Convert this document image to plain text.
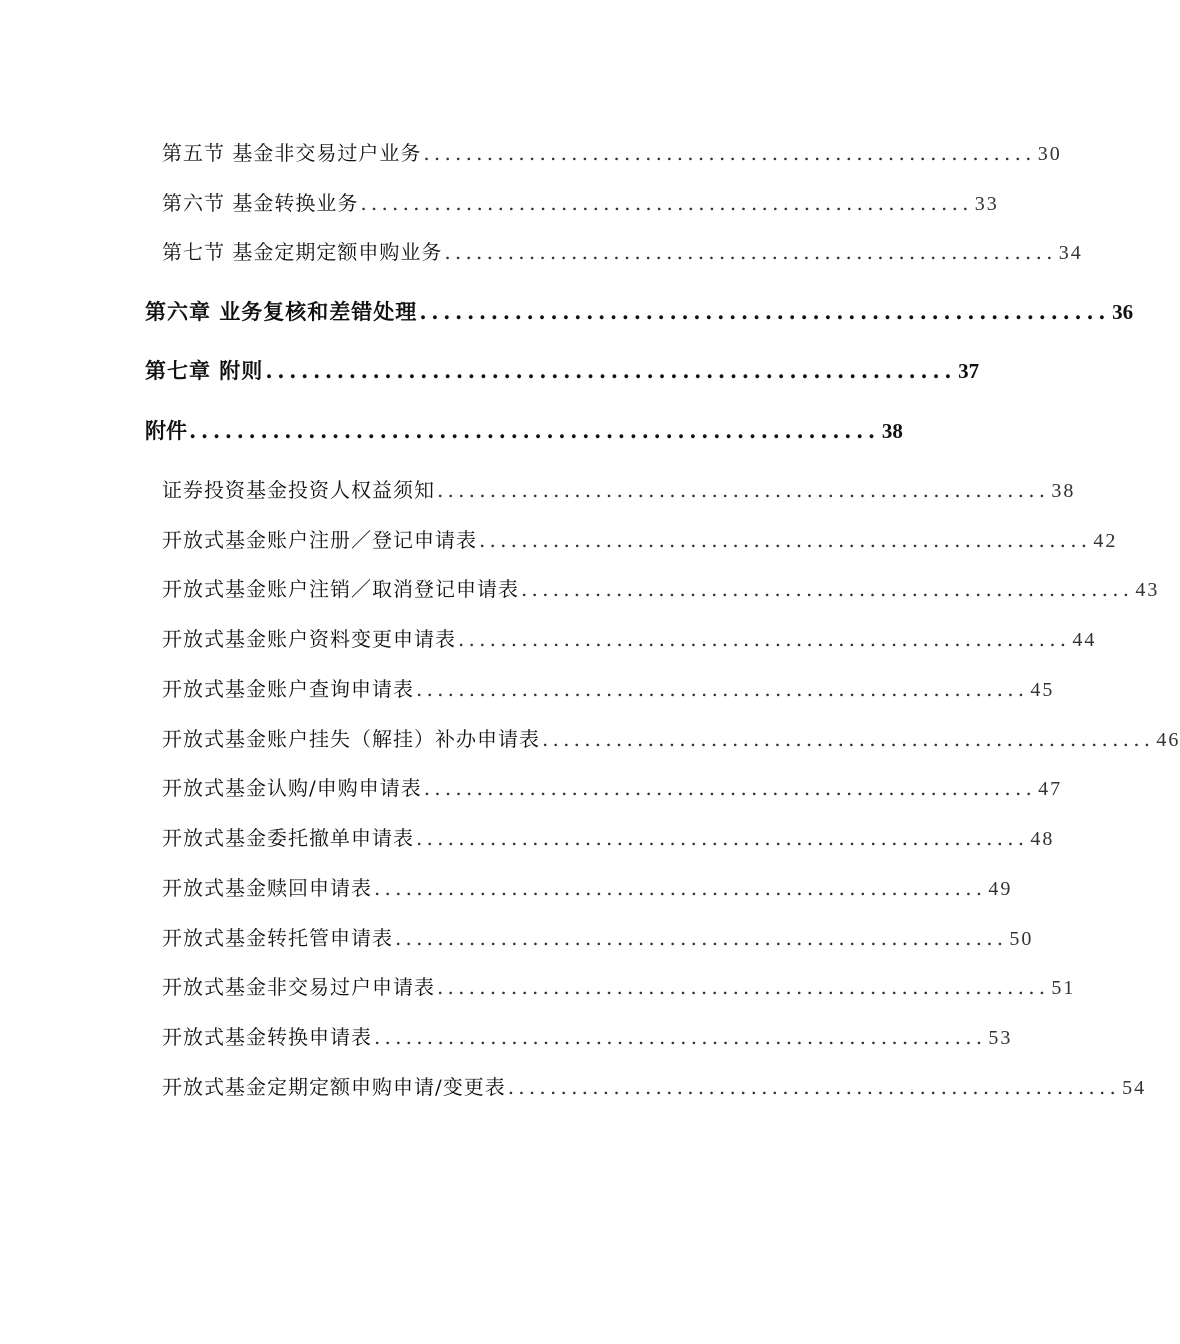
第五节 基金非交易过户业务 .......................................................... 30
第六节 基金转换业务 .......................................................... 33
第七节 基金定期定额申购业务 .......................................................... 34
第六章 业务复核和差错处理 .......................................................... 36
第七章 附则 .......................................................... 37
附件 .......................................................... 38
证券投资基金投资人权益须知 .......................................................... 38
开放式基金账户注册／登记申请表 .......................................................... 42
开放式基金账户注销／取消登记申请表 .......................................................... 43
开放式基金账户资料变更申请表 .......................................................... 44
开放式基金账户查询申请表 .......................................................... 45
开放式基金账户挂失（解挂）补办申请表 .......................................................... 46
开放式基金认购/申购申请表 .......................................................... 47
开放式基金委托撤单申请表 .......................................................... 48
开放式基金赎回申请表 .......................................................... 49
开放式基金转托管申请表 .......................................................... 50
开放式基金非交易过户申请表 .......................................................... 51
开放式基金转换申请表 .......................................................... 53
开放式基金定期定额申购申请/变更表 .......................................................... 54
